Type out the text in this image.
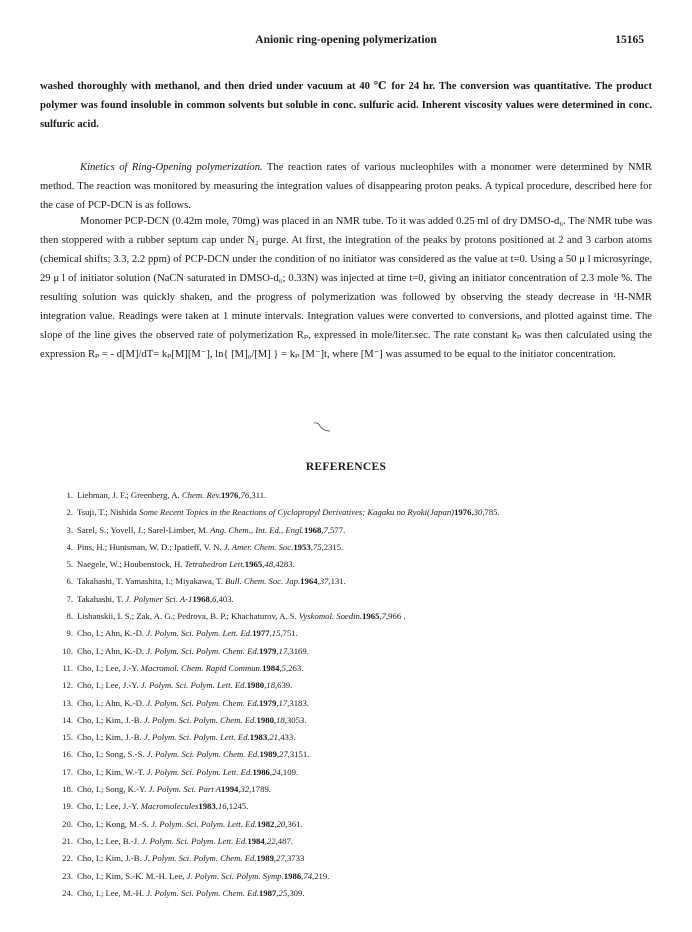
Anionic ring-opening polymerization	15165
washed thoroughly with methanol, and then dried under vacuum at 40 ℃ for 24 hr. The conversion was quantitative. The product polymer was found insoluble in common solvents but soluble in conc. sulfuric acid. Inherent viscosity values were determined in conc. sulfuric acid.
Kinetics of Ring-Opening polymerization. The reaction rates of various nucleophiles with a monomer were determined by NMR method. The reaction was monitored by measuring the integration values of disappearing proton peaks. A typical procedure, described here for the case of PCP-DCN is as follows.
Monomer PCP-DCN (0.42m mole, 70mg) was placed in an NMR tube. To it was added 0.25 ml of dry DMSO-d₆. The NMR tube was then stoppered with a rubber septum cap under N₂ purge. At first, the integration of the peaks by protons positioned at 2 and 3 carbon atoms (chemical shifts; 3.3, 2.2 ppm) of PCP-DCN under the condition of no initiator was considered as the value at t=0. Using a 50 μ l microsyringe, 29 μ l of initiator solution (NaCN saturated in DMSO-d₆; 0.33N) was injected at time t=0, giving an initiator concentration of 2.3 mole %. The resulting solution was quickly shaken, and the progress of polymerization was followed by observing the steady decrease in ¹H-NMR integration value. Readings were taken at 1 minute intervals. Integration values were converted to conversions, and plotted against time. The slope of the line gives the observed rate of polymerization Rₚ, expressed in mole/liter.sec. The rate constant kₚ was then calculated using the expression Rₚ = - d[M]/dT= kₚ[M][M⁻], ln{ [M]₀/[M] } = kₚ [M⁻]t, where [M⁻] was assumed to be equal to the initiator concentration.
REFERENCES
1. Liebman, J. F.; Greenberg, A. Chem. Rev. 1976 , 76 , 311.
2. Tsuji, T.; Nishida Some Recent Topics in the Reactions of Cyclopropyl Derivatives; Kagaku no Ryoki(Japan) 1976 , 30 , 785.
3. Sarel, S.; Yovell, J.; Sarel-Limber, M. Ang. Chem., Int. Ed., Engl. 1968 , 7 , 577.
4. Pins, H.; Huntsman, W. D.; Ipatieff, V. N. J. Amer. Chem. Soc. 1953 , 75 , 2315.
5. Naegele, W.; Houbenstock, H. Tetrahedron Lett. 1965 , 48 , 4283.
6. Takahashi, T. Yamashita, I.; Miyakawa, T. Bull. Chem. Soc. Jap. 1964 , 37 , 131.
7. Takahashi, T. J. Polymer Sci. A-1 1968 , 6 , 403.
8. Lishanskii, I. S.; Zak, A. G.; Pedrova, B. P.; Khachaturov, A. S. Vyskomol. Soedin. 1965 , 7 , 966 .
9. Cho, I.; Ahn, K.-D. J. Polym. Sci. Polym. Lett. Ed. 1977 , 15 , 751.
10. Cho, I.; Ahn, K.-D. J. Polym. Sci. Polym. Chem. Ed. 1979 , 17 , 3169.
11. Cho, I.; Lee, J.-Y. Macromol. Chem. Rapid Commun. 1984 , 5 , 263.
12. Cho, I.; Lee, J.-Y. J. Polym. Sci. Polym. Lett. Ed. 1980 , 18 , 639.
13. Cho, I.; Ahn, K.-D. J. Polym. Sci. Polym. Chem. Ed. 1979 , 17 , 3183.
14. Cho, I.; Kim, J.-B. J. Polym. Sci. Polym. Chem. Ed. 1980 , 18 , 3053.
15. Cho, I.; Kim, J.-B. J. Polym. Sci. Polym. Lett. Ed. 1983 , 21 , 433.
16. Cho, I.; Song, S.-S. J. Polym. Sci. Polym. Chem. Ed. 1989 , 27 , 3151.
17. Cho, I.; Kim, W.-T. J. Polym. Sci. Polym. Lett. Ed. 1986 , 24 , 109.
18. Cho, I.; Song, K.-Y. J. Polym. Sci. Part A 1994 , 32 , 1789.
19. Cho, I.; Lee, J.-Y. Macromolecules 1983 , 16 , 1245.
20. Cho, I.; Kong, M.-S. J. Polym. Sci. Polym. Lett. Ed. 1982 , 20 , 361.
21. Cho, I.; Lee, B.-J. J. Polym. Sci. Polym. Lett. Ed. 1984 , 22 , 487.
22. Cho, I.; Kim, J.-B. J. Polym. Sci. Polym. Chem. Ed. 1989 , 27 , 3733
23. Cho, I.; Kim, S.-K. M.-H. Lee, J. Polym. Sci. Polym. Symp. 1986 , 74 , 219.
24. Cho, I.; Lee, M.-H. J. Polym. Sci. Polym. Chem. Ed. 1987 , 25 , 309.
